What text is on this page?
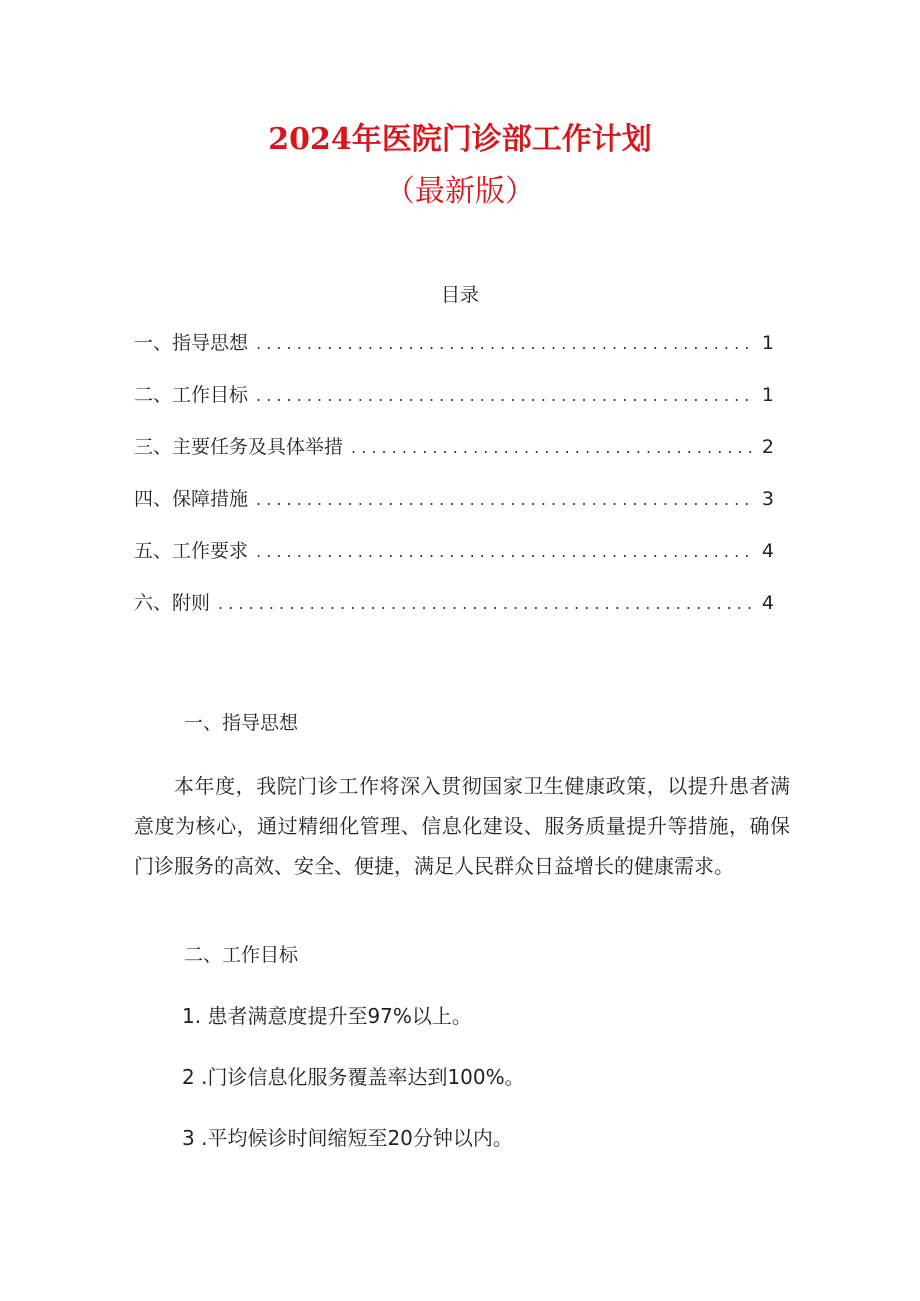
2024年医院门诊部工作计划
（最新版）
目录
一、指导思想 . . .	1
二、工作目标 . . .	1
三、主要任务及具体举措 . . .	2
四、保障措施 . . .	3
五、工作要求 . . .	4
六、附则 . . .	4
一、指导思想

本年度，我院门诊工作将深入贯彻国家卫生健康政策，以提升患者满意度为核心，通过精细化管理、信息化建设、服务质量提升等措施，确保门诊服务的高效、安全、便捷，满足人民群众日益增长的健康需求。

二、工作目标
1. 患者满意度提升至97%以上。
2 .门诊信息化服务覆盖率达到100%。
3 .平均候诊时间缩短至20分钟以内。
